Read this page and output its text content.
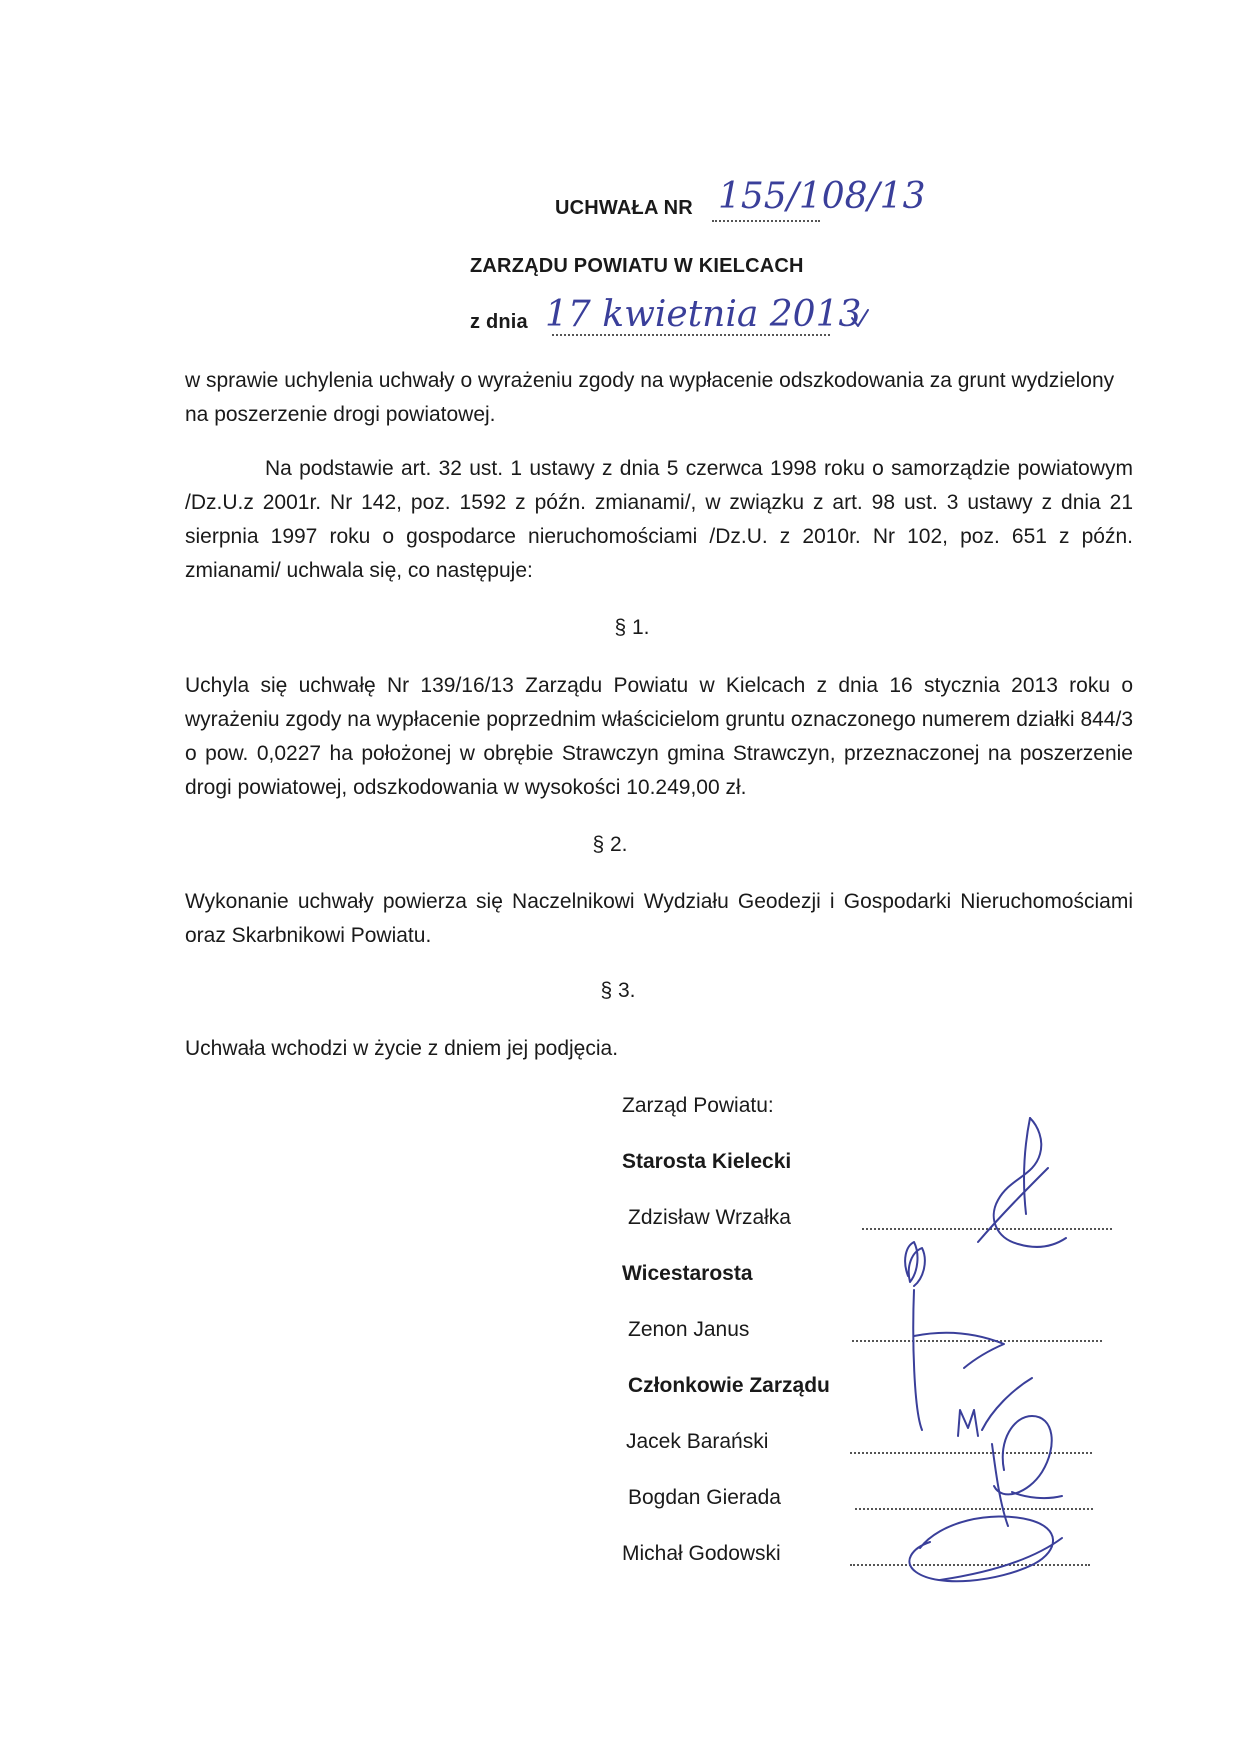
UCHWAŁA NR 155/108/13
ZARZĄDU POWIATU W KIELCACH
z dnia 17 kwietnia 2013
w sprawie uchylenia uchwały o wyrażeniu zgody na wypłacenie odszkodowania za grunt wydzielony na poszerzenie drogi powiatowej.
Na podstawie art. 32 ust. 1 ustawy z dnia 5 czerwca 1998 roku o samorządzie powiatowym /Dz.U.z 2001r. Nr 142, poz. 1592 z późn. zmianami/, w związku z art. 98 ust. 3 ustawy z dnia 21 sierpnia 1997 roku o gospodarce nieruchomościami /Dz.U. z 2010r. Nr 102, poz. 651 z późn. zmianami/ uchwala się, co następuje:
§ 1.
Uchyla się uchwałę Nr 139/16/13 Zarządu Powiatu w Kielcach z dnia 16 stycznia 2013 roku o wyrażeniu zgody na wypłacenie poprzednim właścicielom gruntu oznaczonego numerem działki 844/3 o pow. 0,0227 ha położonej w obrębie Strawczyn gmina Strawczyn, przeznaczonej na poszerzenie drogi powiatowej, odszkodowania w wysokości 10.249,00 zł.
§ 2.
Wykonanie uchwały powierza się Naczelnikowi Wydziału Geodezji i Gospodarki Nieruchomościami oraz Skarbnikowi Powiatu.
§ 3.
Uchwała wchodzi w życie z dniem jej podjęcia.
Zarząd Powiatu:
Starosta Kielecki
Zdzisław Wrzałka
Wicestarosta
Zenon Janus
Członkowie Zarządu
Jacek Barański
Bogdan Gierada
Michał Godowski
